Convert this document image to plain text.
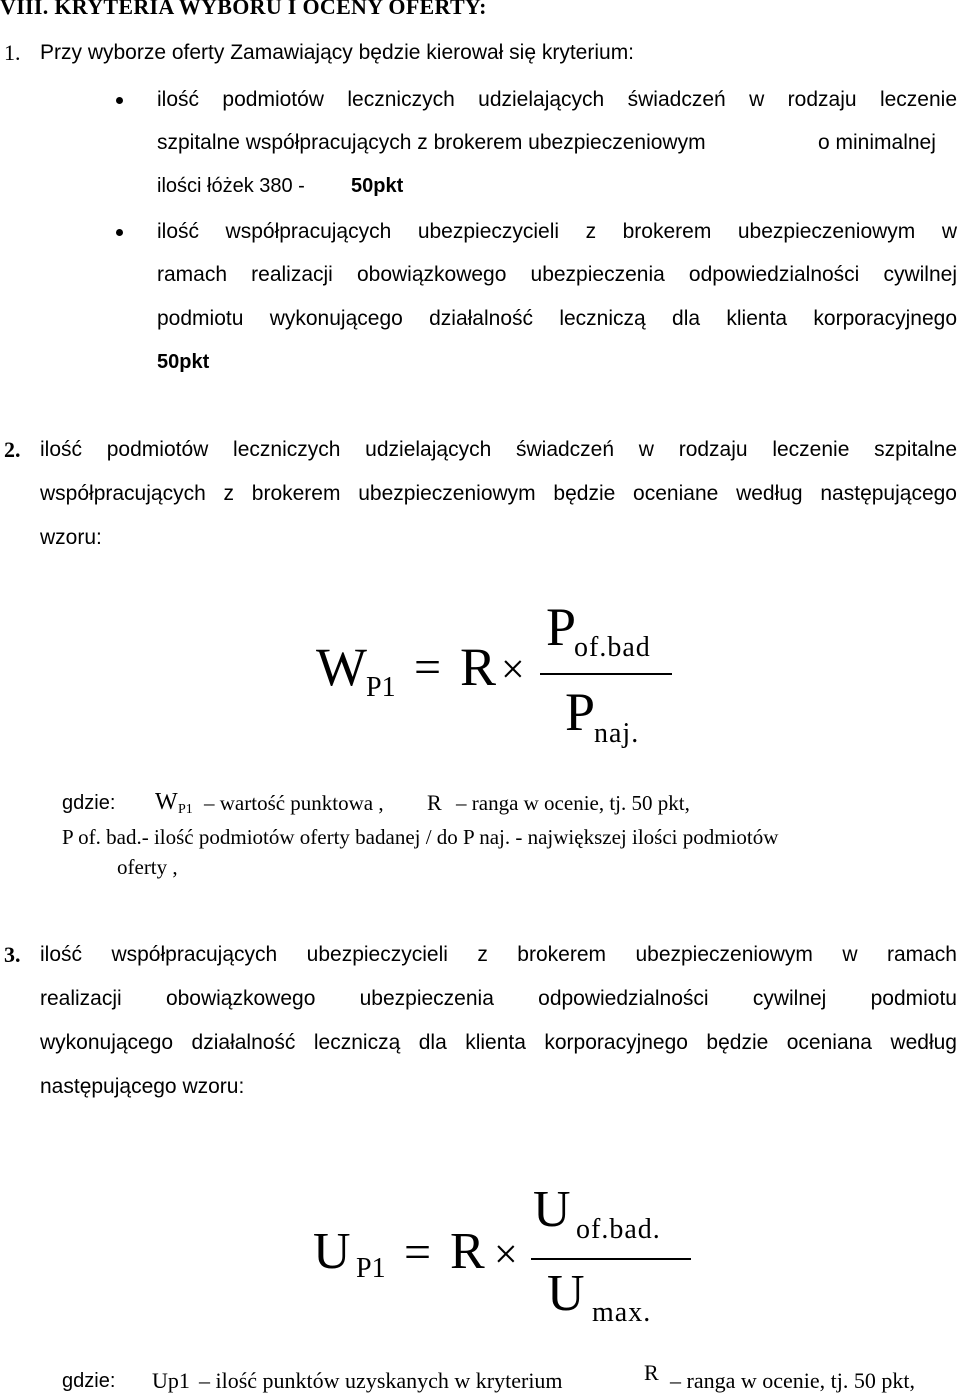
VIII. KRYTERIA WYBORU I OCENY OFERTY:
1. Przy wyborze oferty Zamawiający będzie kierował się kryterium:
ilość podmiotów leczniczych udzielających świadczeń w rodzaju leczenie
szpitalne współpracujących z brokerem ubezpieczeniowym	o minimalnej
ilości łóżek 380 - 50pkt
ilość współpracujących ubezpieczycieli z brokerem ubezpieczeniowym w
ramach realizacji obowiązkowego ubezpieczenia odpowiedzialności cywilnej
podmiotu wykonującego działalność leczniczą dla klienta korporacyjnego
50pkt
2. ilość podmiotów leczniczych udzielających świadczeń w rodzaju leczenie szpitalne
współpracujących z brokerem ubezpieczeniowym będzie oceniane według następującego
wzoru:
W P1 = R ×
P
of.bad
P
naj.
gdzie: W P1 – wartość punktowa , R – ranga w ocenie, tj. 50 pkt,
P of. bad.- ilość podmiotów oferty badanej / do P naj. - największej ilości podmiotów
oferty ,
3. ilość współpracujących ubezpieczycieli z brokerem ubezpieczeniowym w ramach
realizacji obowiązkowego ubezpieczenia odpowiedzialności cywilnej podmiotu
wykonującego działalność leczniczą dla klienta korporacyjnego będzie oceniana według
następującego wzoru:
U P1 = R ×
U of.bad.
U max.
gdzie: Up1 – ilość punktów uzyskanych w kryterium	R – ranga w ocenie, tj. 50 pkt,
